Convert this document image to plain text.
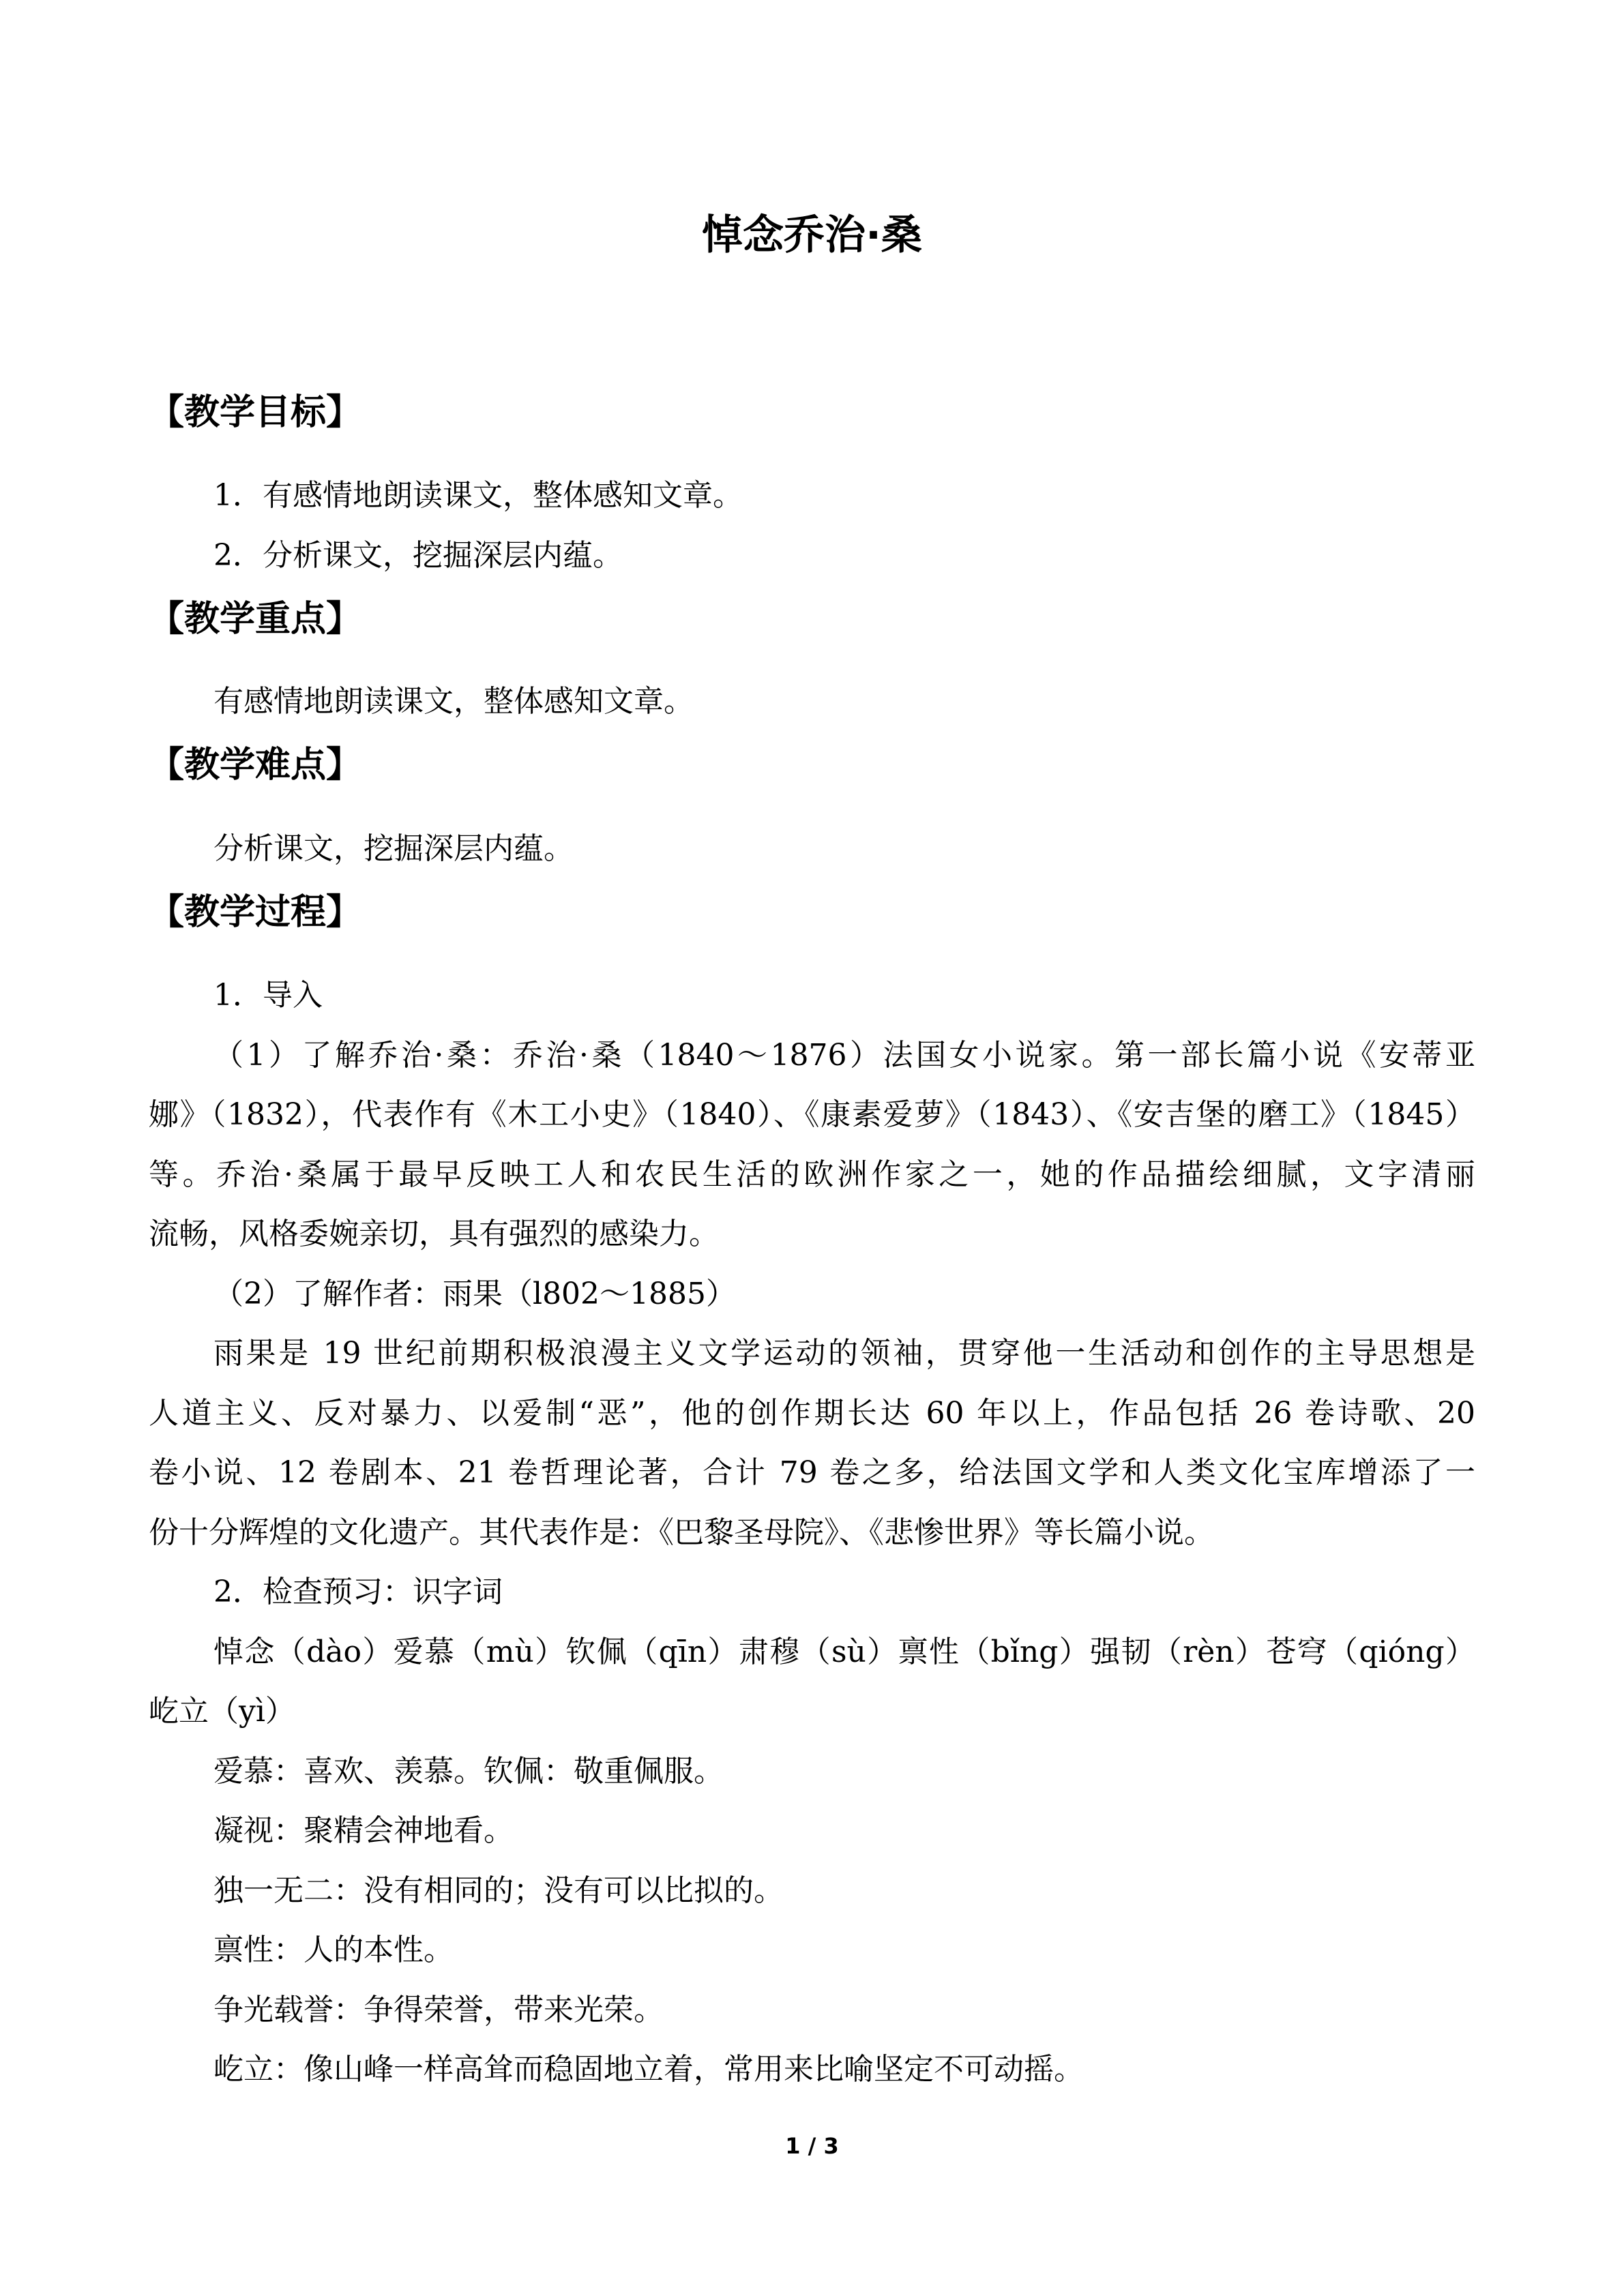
悼念乔治·桑
【教学目标】
1．有感情地朗读课文，整体感知文章。
2．分析课文，挖掘深层内蕴。
【教学重点】
有感情地朗读课文，整体感知文章。
【教学难点】
分析课文，挖掘深层内蕴。
【教学过程】
1．导入
（1）了解乔治·桑：乔治·桑（1840～1876）法国女小说家。第一部长篇小说《安蒂亚
娜》（1832），代表作有《木工小史》（1840）、《康素爱萝》（1843）、《安吉堡的磨工》（1845）
等。乔治·桑属于最早反映工人和农民生活的欧洲作家之一，她的作品描绘细腻，文字清丽
流畅，风格委婉亲切，具有强烈的感染力。
（2）了解作者：雨果（l802～1885）
雨果是 19 世纪前期积极浪漫主义文学运动的领袖，贯穿他一生活动和创作的主导思想是
人道主义、反对暴力、以爱制“恶”，他的创作期长达 60 年以上，作品包括 26 卷诗歌、20
卷小说、12 卷剧本、21 卷哲理论著，合计 79 卷之多，给法国文学和人类文化宝库增添了一
份十分辉煌的文化遗产。其代表作是：《巴黎圣母院》、《悲惨世界》等长篇小说。
2．检查预习：识字词
悼念（dào）爱慕（mù）钦佩（qīn）肃穆（sù）禀性（bǐng）强韧（rèn）苍穹（qióng）
屹立（yì）
爱慕：喜欢、羡慕。钦佩：敬重佩服。
凝视：聚精会神地看。
独一无二：没有相同的；没有可以比拟的。
禀性：人的本性。
争光载誉：争得荣誉，带来光荣。
屹立：像山峰一样高耸而稳固地立着，常用来比喻坚定不可动摇。
1 / 3
